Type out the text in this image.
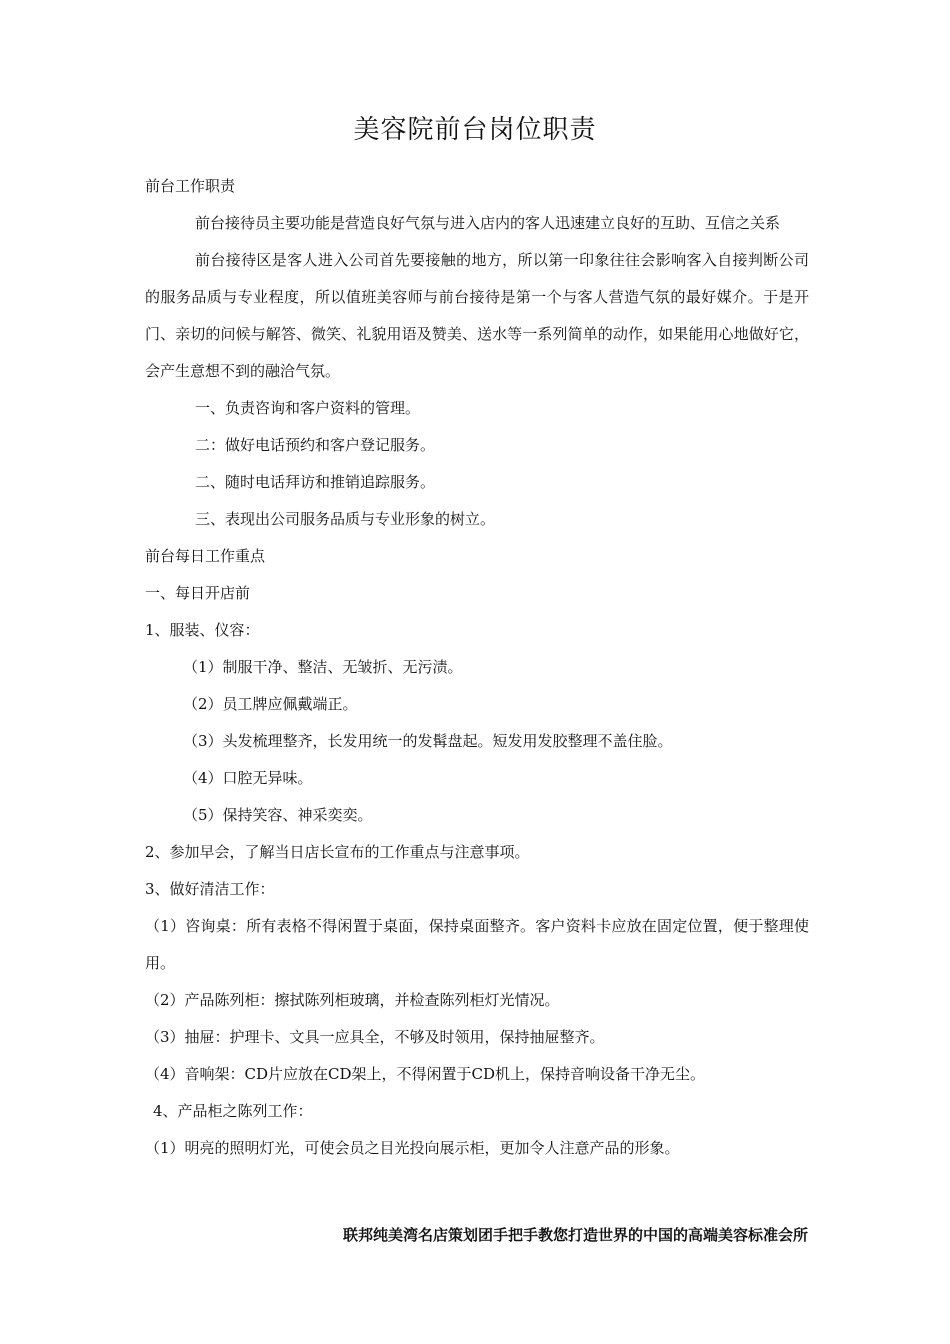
美容院前台岗位职责

前台工作职责

前台接待员主要功能是营造良好气氛与进入店内的客人迅速建立良好的互助、互信之关系

前台接待区是客人进入公司首先要接触的地方，所以第一印象往往会影响客入自接判断公司的服务品质与专业程度，所以值班美容师与前台接待是第一个与客人营造气氛的最好媒介。于是开门、亲切的问候与解答、微笑、礼貌用语及赞美、送水等一系列简单的动作，如果能用心地做好它，会产生意想不到的融洽气氛。

一、负责咨询和客户资料的管理。

二：做好电话预约和客户登记服务。

二、随时电话拜访和推销追踪服务。

三、表现出公司服务品质与专业形象的树立。

前台每日工作重点

一、每日开店前

1、服装、仪容：

（1）制服干净、整洁、无皱折、无污渍。

（2）员工牌应佩戴端正。

（3）头发梳理整齐，长发用统一的发髯盘起。短发用发胶整理不盖住脸。

（4）口腔无异味。

（5）保持笑容、神采奕奕。

2、参加早会，了解当日店长宣布的工作重点与注意事项。

3、做好清洁工作：

（1）咨询桌：所有表格不得闲置于桌面，保持桌面整齐。客户资料卡应放在固定位置，便于整理使用。

（2）产品陈列柜：擦拭陈列柜玻璃，并检查陈列柜灯光情况。

（3）抽屉：护理卡、文具一应具全，不够及时领用，保持抽屉整齐。

（4）音响架：CD片应放在CD架上，不得闲置于CD机上，保持音响设备干净无尘。

4、产品柜之陈列工作：

（1）明亮的照明灯光，可使会员之目光投向展示柜，更加令人注意产品的形象。

联邦纯美湾名店策划团手把手教您打造世界的中国的高端美容标准会所
